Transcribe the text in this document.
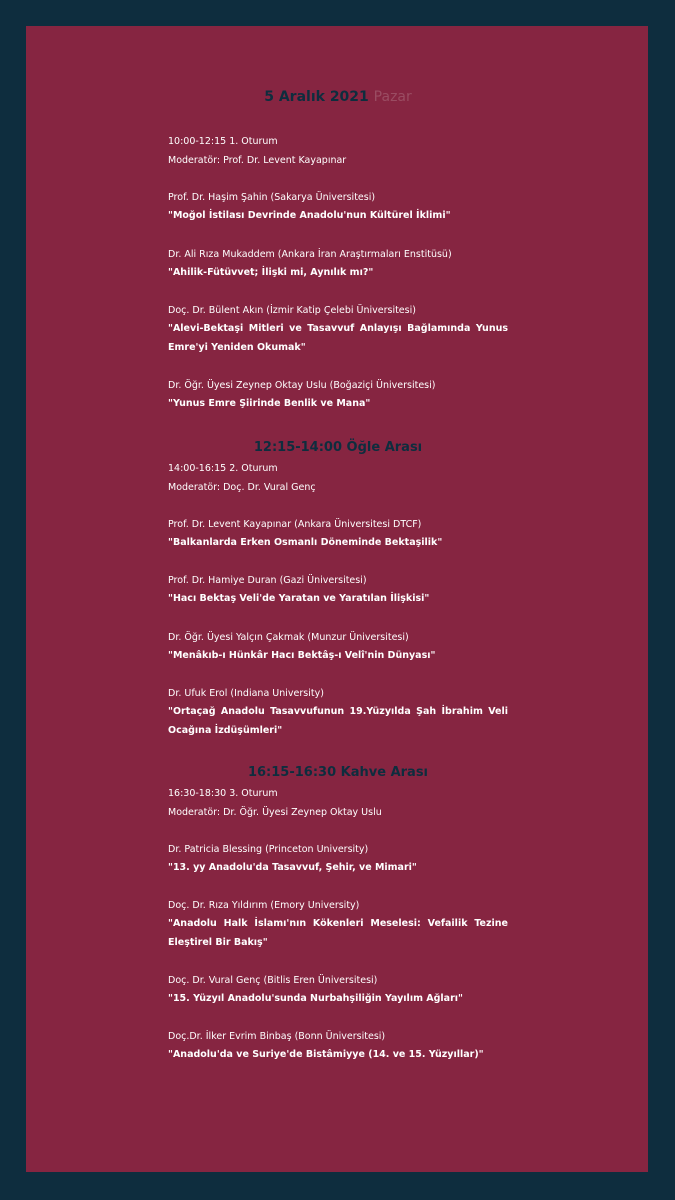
5 Aralık 2021 Pazar
10:00-12:15 1. Oturum
Moderatör: Prof. Dr. Levent Kayapınar
Prof. Dr. Haşim Şahin (Sakarya Üniversitesi)
"Moğol İstilası Devrinde Anadolu'nun Kültürel İklimi"
Dr. Ali Rıza Mukaddem (Ankara İran Araştırmaları Enstitüsü)
"Ahilik-Fütüvvet; İlişki mi, Aynılık mı?"
Doç. Dr. Bülent Akın (İzmir Katip Çelebi Üniversitesi)
"Alevi-Bektaşi Mitleri ve Tasavvuf Anlayışı Bağlamında Yunus Emre'yi Yeniden Okumak"
Dr. Öğr. Üyesi Zeynep Oktay Uslu (Boğaziçi Üniversitesi)
"Yunus Emre Şiirinde Benlik ve Mana"
12:15-14:00 Öğle Arası
14:00-16:15 2. Oturum
Moderatör: Doç. Dr. Vural Genç
Prof. Dr. Levent Kayapınar (Ankara Üniversitesi DTCF)
"Balkanlarda Erken Osmanlı Döneminde Bektaşilik"
Prof. Dr. Hamiye Duran (Gazi Üniversitesi)
"Hacı Bektaş Veli'de Yaratan ve Yaratılan İlişkisi"
Dr. Öğr. Üyesi Yalçın Çakmak (Munzur Üniversitesi)
"Menâkıb-ı Hünkâr Hacı Bektâş-ı Velî'nin Dünyası"
Dr. Ufuk Erol (Indiana University)
"Ortaçağ Anadolu Tasavvufunun 19.Yüzyılda Şah İbrahim Veli Ocağına İzdüşümleri"
16:15-16:30 Kahve Arası
16:30-18:30 3. Oturum
Moderatör: Dr. Öğr. Üyesi Zeynep Oktay Uslu
Dr. Patricia Blessing (Princeton University)
"13. yy Anadolu'da Tasavvuf, Şehir, ve Mimari"
Doç. Dr. Rıza Yıldırım (Emory University)
"Anadolu Halk İslamı'nın Kökenleri Meselesi: Vefailik Tezine Eleştirel Bir Bakış"
Doç. Dr. Vural Genç (Bitlis Eren Üniversitesi)
"15. Yüzyıl Anadolu'sunda Nurbahşiliğin Yayılım Ağları"
Doç.Dr. İlker Evrim Binbaş (Bonn Üniversitesi)
"Anadolu'da ve Suriye'de Bistâmiyye (14. ve 15. Yüzyıllar)"
